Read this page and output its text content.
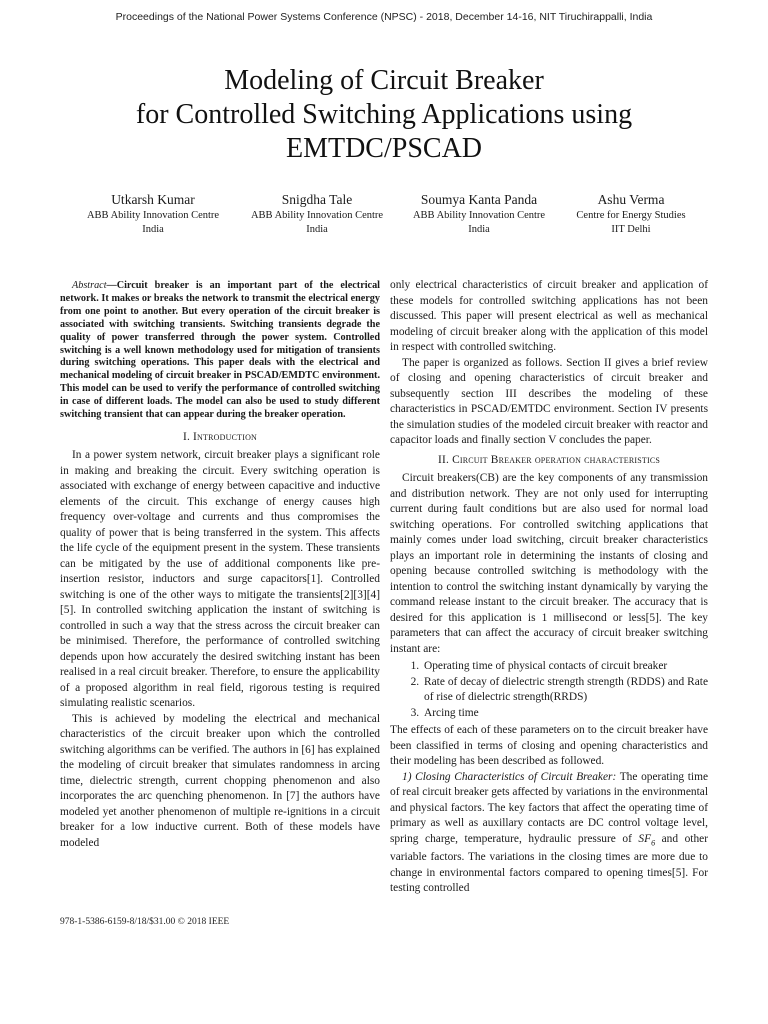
Proceedings of the National Power Systems Conference (NPSC) - 2018, December 14-16, NIT Tiruchirappalli, India
Modeling of Circuit Breaker
for Controlled Switching Applications using
EMTDC/PSCAD
Utkarsh Kumar
ABB Ability Innovation Centre
India
Snigdha Tale
ABB Ability Innovation Centre
India
Soumya Kanta Panda
ABB Ability Innovation Centre
India
Ashu Verma
Centre for Energy Studies
IIT Delhi

Abstract—Circuit breaker is an important part of the electrical network. It makes or breaks the network to transmit the electrical energy from one point to another. But every operation of the circuit breaker is associated with switching transients. Switching transients degrade the quality of power transferred through the power system. Controlled switching is a well known methodology used for mitigation of transients during switching operations. This paper deals with the electrical and mechanical modeling of circuit breaker in PSCAD/EMDTC environment. This model can be used to verify the performance of controlled switching in case of different loads. The model can also be used to study different switching transient that can appear during the breaker operation.

I. Introduction

In a power system network, circuit breaker plays a significant role in making and breaking the circuit. Every switching operation is associated with exchange of energy between capacitive and inductive elements of the circuit. This exchange of energy causes high frequency over-voltage and currents and thus compromises the quality of power that is being transferred in the system. This affects the life cycle of the equipment present in the system. These transients can be mitigated by the use of additional components like pre-insertion resistor, inductors and surge capacitors[1]. Controlled switching is one of the other ways to mitigate the transients[2][3][4][5]. In controlled switching application the instant of switching is controlled in such a way that the stress across the circuit breaker can be minimised. Therefore, the performance of controlled switching depends upon how accurately the desired switching instant has been realised in a real circuit breaker. Therefore, to ensure the applicability of a proposed algorithm in real field, rigorous testing is required simulating realistic scenarios.

This is achieved by modeling the electrical and mechanical characteristics of the circuit breaker upon which the controlled switching algorithms can be verified. The authors in [6] has explained the modeling of circuit breaker that simulates randomness in arcing time, dielectric strength, current chopping phenomenon and also incorporates the arc quenching phenomenon. In [7] the authors have modeled yet another phenomenon of multiple re-ignitions in a circuit breaker for a low inductive current. Both of these models have modeled

only electrical characteristics of circuit breaker and application of these models for controlled switching applications has not been discussed. This paper will present electrical as well as mechanical modeling of circuit breaker along with the application of this model in respect with controlled switching.

The paper is organized as follows. Section II gives a brief review of closing and opening characteristics of circuit breaker and subsequently section III describes the modeling of these characteristics in PSCAD/EMTDC environment. Section IV presents the simulation studies of the modeled circuit breaker with reactor and capacitor loads and finally section V concludes the paper.

II. Circuit Breaker operation characteristics

Circuit breakers(CB) are the key components of any transmission and distribution network. They are not only used for interrupting current during fault conditions but are also used for normal load switching operations. For controlled switching applications that mainly comes under load switching, circuit breaker characteristics plays an important role in determining the instants of closing and opening because controlled switching is methodology with the intention to control the switching instant dynamically by varying the command release instant to the circuit breaker. The accuracy that is desired for this application is 1 millisecond or less[5]. The key parameters that can affect the accuracy of circuit breaker switching instant are:

1. Operating time of physical contacts of circuit breaker
2. Rate of decay of dielectric strength strength (RDDS) and Rate of rise of dielectric strength(RRDS)
3. Arcing time

The effects of each of these parameters on to the circuit breaker have been classified in terms of closing and opening characteristics and their modeling has been described as followed.

1) Closing Characteristics of Circuit Breaker: The operating time of real circuit breaker gets affected by variations in the environmental and physical factors. The key factors that affect the operating time of primary as well as auxillary contacts are DC control voltage level, spring charge, temperature, hydraulic pressure of $SF_6$ and other variable factors. The variations in the closing times are more due to change in environmental factors compared to opening times[5]. For testing controlled

978-1-5386-6159-8/18/$31.00 © 2018 IEEE
